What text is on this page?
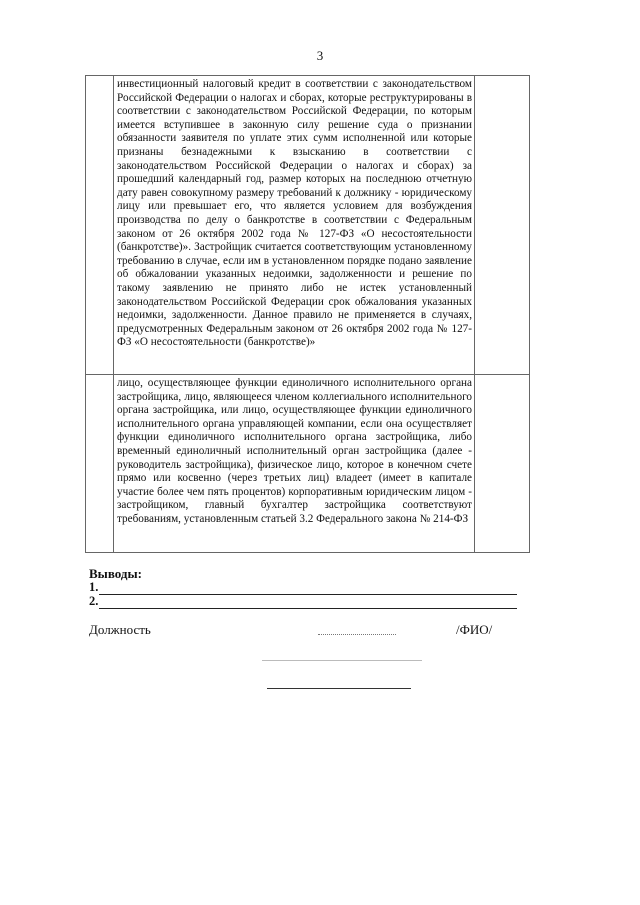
3

	инвестиционный налоговый кредит в соответствии с законодательством Российской Федерации о налогах и сборах, которые реструктурированы в соответствии с законодательством Российской Федерации, по которым имеется вступившее в законную силу решение суда о признании обязанности заявителя по уплате этих сумм исполненной или которые признаны безнадежными к взысканию в соответствии с законодательством Российской Федерации о налогах и сборах) за прошедший календарный год, размер которых на последнюю отчетную дату равен совокупному размеру требований к должнику - юридическому лицу или превышает его, что является условием для возбуждения производства по делу о банкротстве в соответствии с Федеральным законом от 26 октября 2002 года № 127-ФЗ «О несостоятельности (банкротстве)». Застройщик считается соответствующим установленному требованию в случае, если им в установленном порядке подано заявление об обжаловании указанных недоимки, задолженности и решение по такому заявлению не принято либо не истек установленный законодательством Российской Федерации срок обжалования указанных недоимки, задолженности. Данное правило не применяется в случаях, предусмотренных Федеральным законом от 26 октября 2002 года № 127-ФЗ «О несостоятельности (банкротстве)»	

	лицо, осуществляющее функции единоличного исполнительного органа застройщика, лицо, являющееся членом коллегиального исполнительного органа застройщика, или лицо, осуществляющее функции единоличного исполнительного органа управляющей компании, если она осуществляет функции единоличного исполнительного органа застройщика, либо временный единоличный исполнительный орган застройщика (далее - руководитель застройщика), физическое лицо, которое в конечном счете прямо или косвенно (через третьих лиц) владеет (имеет в капитале участие более чем пять процентов) корпоративным юридическим лицом - застройщиком, главный бухгалтер застройщика соответствуют требованиям, установленным статьей 3.2 Федерального закона № 214-ФЗ	

Выводы:
1.
2.
Должность	/ФИО/
